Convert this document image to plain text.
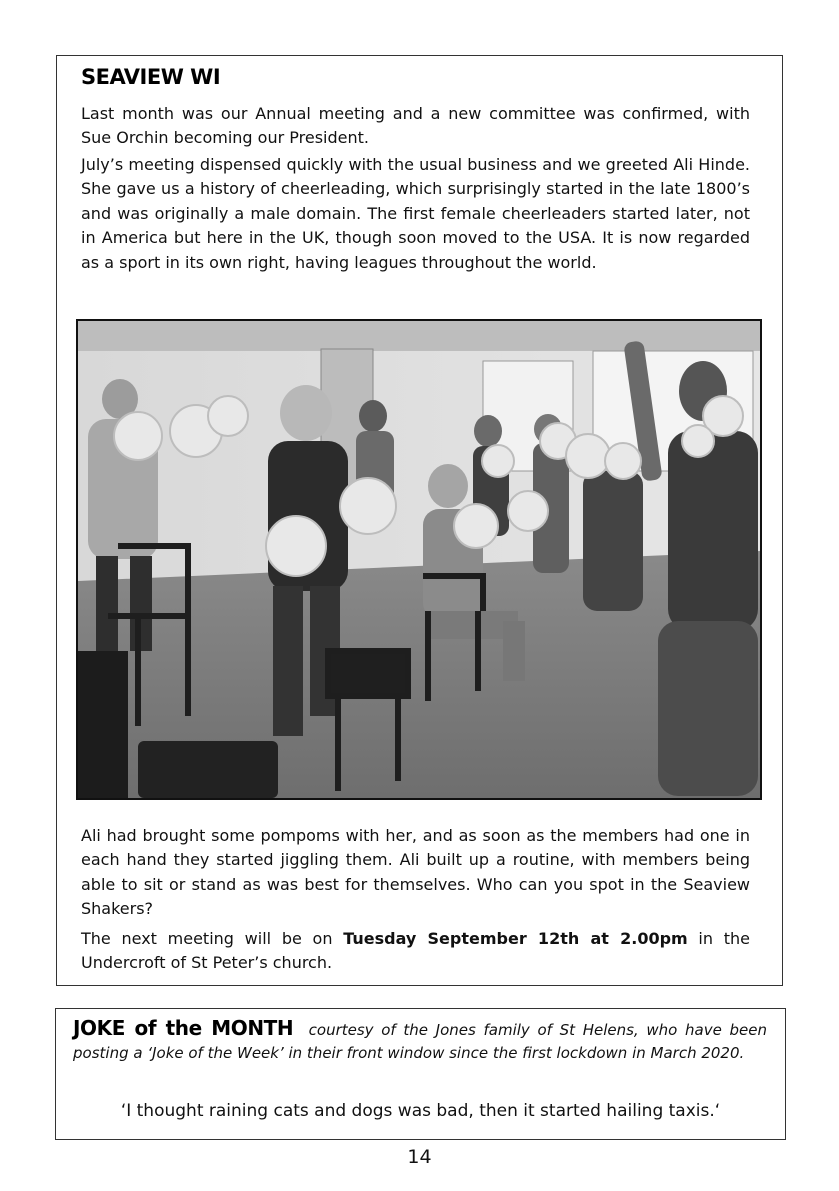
SEAVIEW WI

Last month was our Annual meeting and a new committee was confirmed, with Sue Orchin becoming our President.

July’s meeting dispensed quickly with the usual business and we greeted Ali Hinde. She gave us a history of cheerleading, which surprisingly started in the late 1800’s and was originally a male domain. The first female cheerleaders started later, not in America but here in the UK, though soon moved to the USA. It is now regarded as a sport in its own right, having leagues throughout the world.

Ali had brought some pompoms with her, and as soon as the members had one in each hand they started jiggling them. Ali built up a routine, with members being able to sit or stand as was best for themselves. Who can you spot in the Seaview Shakers?

The next meeting will be on Tuesday September 12th at 2.00pm in the Undercroft of St Peter’s church.

JOKE of the MONTH courtesy of the Jones family of St Helens, who have been posting a ‘Joke of the Week’ in their front window since the first lockdown in March 2020.

‘I thought raining cats and dogs was bad, then it started hailing taxis.‘

14
